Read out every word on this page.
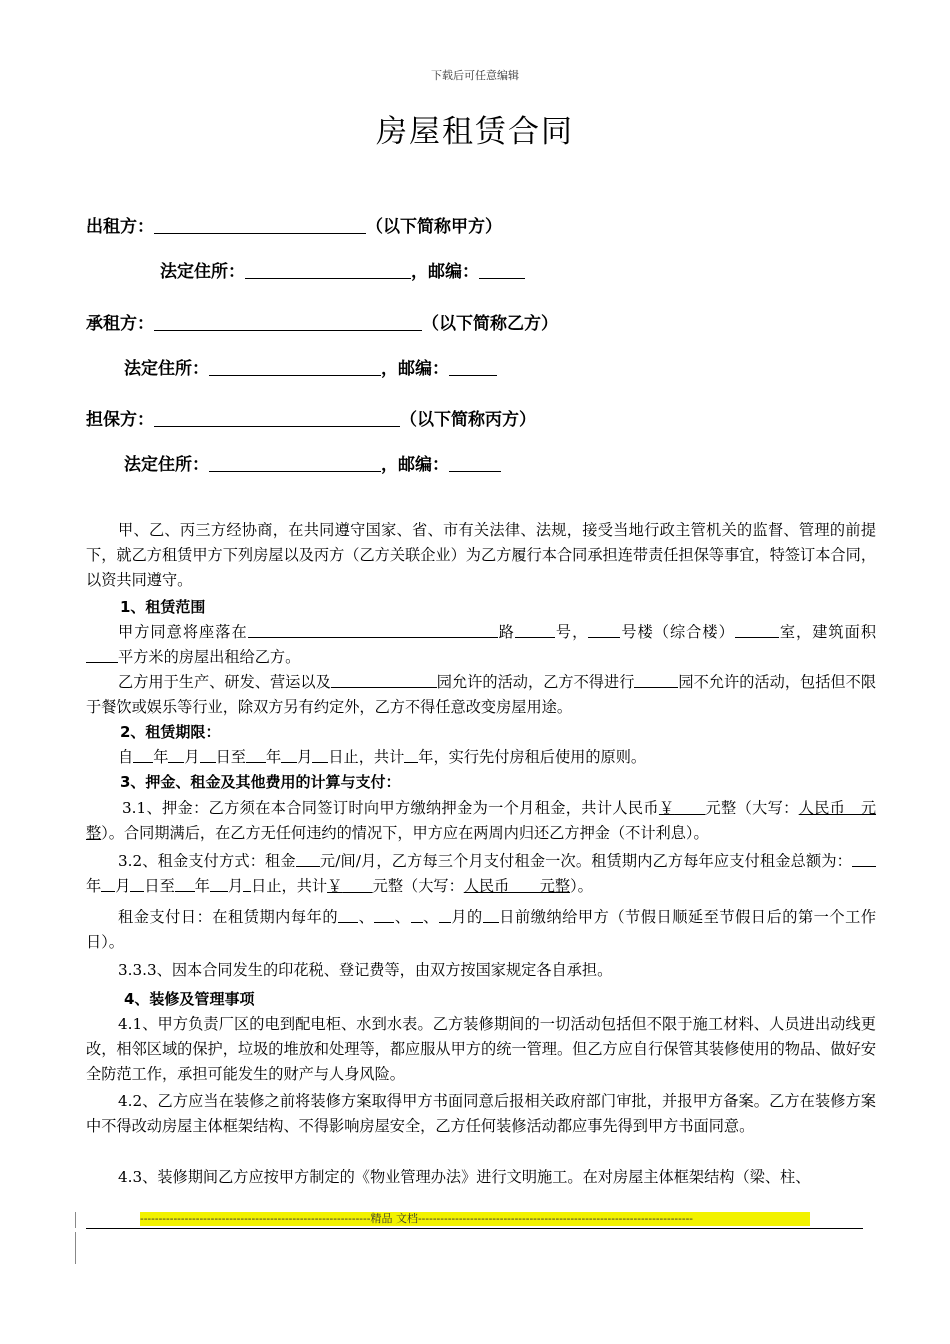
下载后可任意编辑
房屋租赁合同
出租方：	（以下简称甲方）
法定住所：	，邮编：
承租方：	（以下简称乙方）
法定住所：	，邮编：
担保方：	（以下简称丙方）
法定住所：	，邮编：
甲、乙、丙三方经协商，在共同遵守国家、省、市有关法律、法规，接受当地行政主管机关的监督、管理的前提下，就乙方租赁甲方下列房屋以及丙方（乙方关联企业）为乙方履行本合同承担连带责任担保等事宜，特签订本合同，以资共同遵守。
1、租赁范围
甲方同意将座落在	路	号， 号楼（综合楼）	室，建筑面积平方米的房屋出租给乙方。
乙方用于生产、研发、营运以及	园允许的活动，乙方不得进行	园不允许的活动，包括但不限于餐饮或娱乐等行业，除双方另有约定外，乙方不得任意改变房屋用途。
2、租赁期限：
自 年 月 日至 年 月 日止，共计 年，实行先付房租后使用的原则。
3、押金、租金及其他费用的计算与支付：
3.1、押金：乙方须在本合同签订时向甲方缴纳押金为一个月租金，共计人民币￥　　 元整（大写：人民币　元整）。合同期满后，在乙方无任何违约的情况下，甲方应在两周内归还乙方押金（不计利息）。
3.2、租金支付方式：租金 元/间/月，乙方每三个月支付租金一次。租赁期内乙方每年应支付租金总额为：年 月 日至 年 月 日止，共计￥　　 元整（大写：人民币　　元整）。
租金支付日：在租赁期内每年的 、 、 、 月的 日前缴纳给甲方（节假日顺延至节假日后的第一个工作日）。
3.3.3、因本合同发生的印花税、登记费等，由双方按国家规定各自承担。
4、装修及管理事项
4.1、甲方负责厂区的电到配电柜、水到水表。乙方装修期间的一切活动包括但不限于施工材料、人员进出动线更改，相邻区域的保护，垃圾的堆放和处理等，都应服从甲方的统一管理。但乙方应自行保管其装修使用的物品、做好安全防范工作，承担可能发生的财产与人身风险。
4.2、乙方应当在装修之前将装修方案取得甲方书面同意后报相关政府部门审批，并报甲方备案。乙方在装修方案中不得改动房屋主体框架结构、不得影响房屋安全，乙方任何装修活动都应事先得到甲方书面同意。
4.3、装修期间乙方应按甲方制定的《物业管理办法》进行文明施工。在对房屋主体框架结构（梁、柱、
--------------------------------------------------------------精品 文档--------------------------------------------------------------------------
